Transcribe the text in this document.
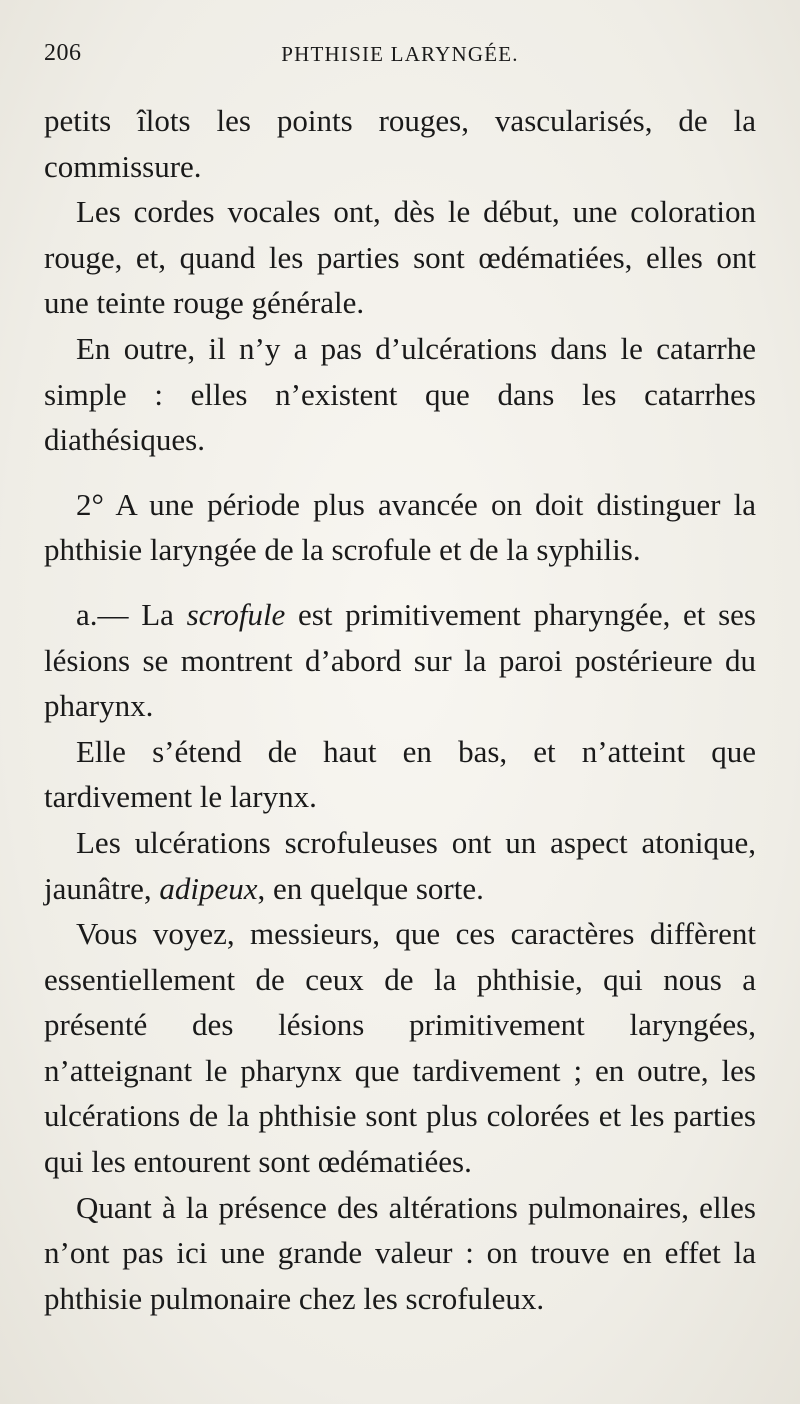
206	PHTHISIE LARYNGÉE.

petits îlots les points rouges, vascularisés, de la commissure.

Les cordes vocales ont, dès le début, une coloration rouge, et, quand les parties sont œdématiées, elles ont une teinte rouge générale.

En outre, il n’y a pas d’ulcérations dans le catarrhe simple : elles n’existent que dans les catarrhes diathésiques.

2° A une période plus avancée on doit distinguer la phthisie laryngée de la scrofule et de la syphilis.

a.— La scrofule est primitivement pharyngée, et ses lésions se montrent d’abord sur la paroi postérieure du pharynx.

Elle s’étend de haut en bas, et n’atteint que tardivement le larynx.

Les ulcérations scrofuleuses ont un aspect atonique, jaunâtre, adipeux, en quelque sorte.

Vous voyez, messieurs, que ces caractères diffèrent essentiellement de ceux de la phthisie, qui nous a présenté des lésions primitivement laryngées, n’atteignant le pharynx que tardivement ; en outre, les ulcérations de la phthisie sont plus colorées et les parties qui les entourent sont œdématiées.

Quant à la présence des altérations pulmonaires, elles n’ont pas ici une grande valeur : on trouve en effet la phthisie pulmonaire chez les scrofuleux.
